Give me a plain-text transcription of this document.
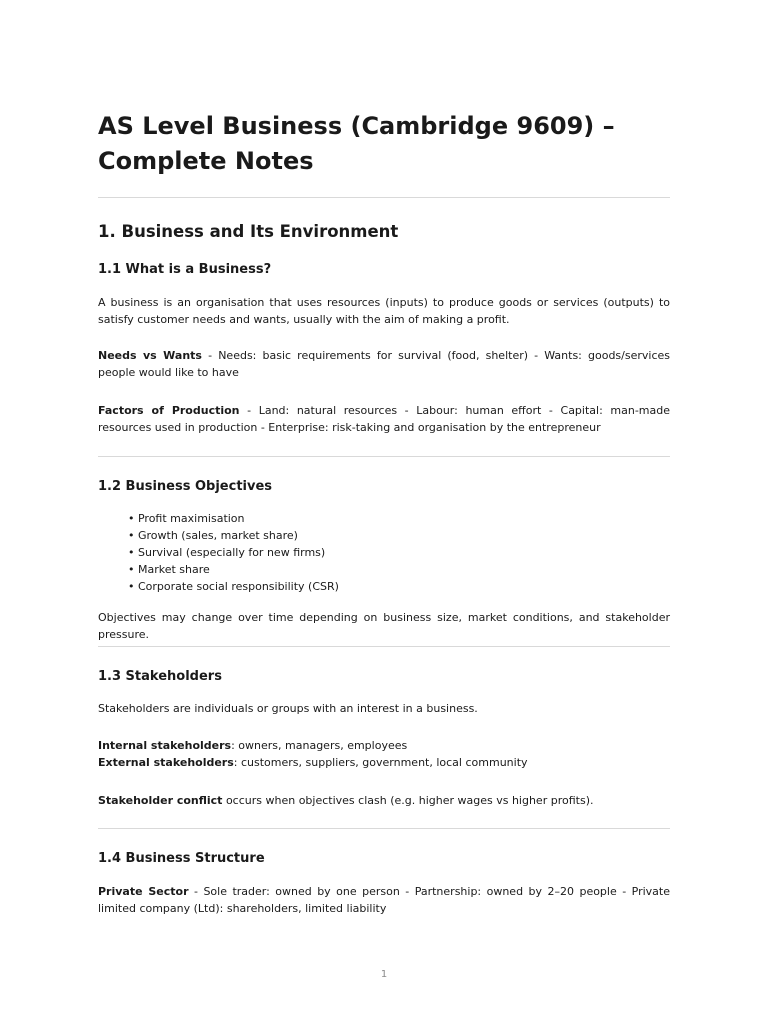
AS Level Business (Cambridge 9609) – Complete Notes
1. Business and Its Environment
1.1 What is a Business?

A business is an organisation that uses resources (inputs) to produce goods or services (outputs) to satisfy customer needs and wants, usually with the aim of making a profit.

Needs vs Wants - Needs: basic requirements for survival (food, shelter) - Wants: goods/services people would like to have

Factors of Production - Land: natural resources - Labour: human effort - Capital: man-made resources used in production - Enterprise: risk-taking and organisation by the entrepreneur

1.2 Business Objectives
• Profit maximisation
• Growth (sales, market share)
• Survival (especially for new firms)
• Market share
• Corporate social responsibility (CSR)

Objectives may change over time depending on business size, market conditions, and stakeholder pressure.

1.3 Stakeholders

Stakeholders are individuals or groups with an interest in a business.

Internal stakeholders: owners, managers, employees
External stakeholders: customers, suppliers, government, local community

Stakeholder conflict occurs when objectives clash (e.g. higher wages vs higher profits).

1.4 Business Structure

Private Sector - Sole trader: owned by one person - Partnership: owned by 2–20 people - Private limited company (Ltd): shareholders, limited liability

1
